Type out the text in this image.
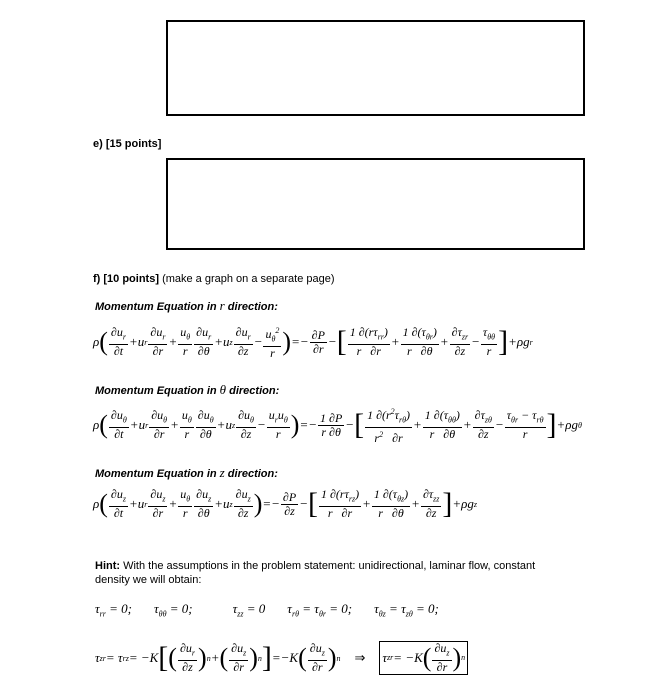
e) [15 points]
f) [10 points] (make a graph on a separate page)
Momentum Equation in r direction:
ρ ( $\frac{\partial u_r}{\partial t} +u$ r $\frac{\partial u_r}{\partial r} + \frac{u_\theta}{r} \frac{\partial u_r}{\partial\theta} +u$ z $\frac{\partial u_r}{\partial z} - \frac{u_\theta^2}{r}$ ) =− $\frac{\partial P}{\partial r}$ − [ $\frac{1 \partial(r\tau_{rr})}{r \partial r} + \frac{1 \partial(\tau_{\theta r})}{r \partial\theta} + \frac{\partial\tau_{zr}}{\partial z} - \frac{\tau_{\theta\theta}}{r}$ ] +ρg r
Momentum Equation in θ direction:
ρ ( $\frac{\partial u_\theta}{\partial t} +u$ r $\frac{\partial u_\theta}{\partial r} + \frac{u_\theta}{r} \frac{\partial u_\theta}{\partial\theta} +u$ z $\frac{\partial u_\theta}{\partial z} - \frac{u_ru_\theta}{r}$ ) =− $\frac{1 \partial P}{r \partial\theta}$ − [ $\frac{1 \partial(r^2\tau_{r\theta})}{r^2 \partial r} + \frac{1 \partial(\tau_{\theta\theta})}{r \partial\theta} + \frac{\partial\tau_{z\theta}}{\partial z} - \frac{\tau_{\theta r} - \tau_{r\theta}}{r}$ ] +ρg θ
Momentum Equation in z direction:
ρ ( $\frac{\partial u_z}{\partial t} +u$ r $\frac{\partial u_z}{\partial r} + \frac{u_\theta}{r} \frac{\partial u_z}{\partial\theta} +u$ z $\frac{\partial u_z}{\partial z}$ ) =− $\frac{\partial P}{\partial z}$ − [ $\frac{1 \partial(r\tau_{rz})}{r \partial r} + \frac{1 \partial(\tau_{\theta z})}{r \partial\theta} + \frac{\partial\tau_{zz}}{\partial z}$ ] +ρg z
Hint: With the assumptions in the problem statement: unidirectional, laminar flow, constant
density we will obtain:
$\tau_{rr} = 0$; $\tau_{\theta\theta} = 0$;	$\tau_{zz} = 0$ $\tau_{r\theta} = \tau_{\theta r} = 0$; $\tau_{\theta z} = \tau_{z\theta} = 0$;
τ zr = τ rz = −K [ ( $\frac{\partial u_r}{\partial z}$ ) n + ( $\frac{\partial u_z}{\partial r}$ ) n ] =−K ( $\frac{\partial u_z}{\partial r}$ ) n ⇒ τ zr = −K ( $\frac{\partial u_z}{\partial r}$ ) n
